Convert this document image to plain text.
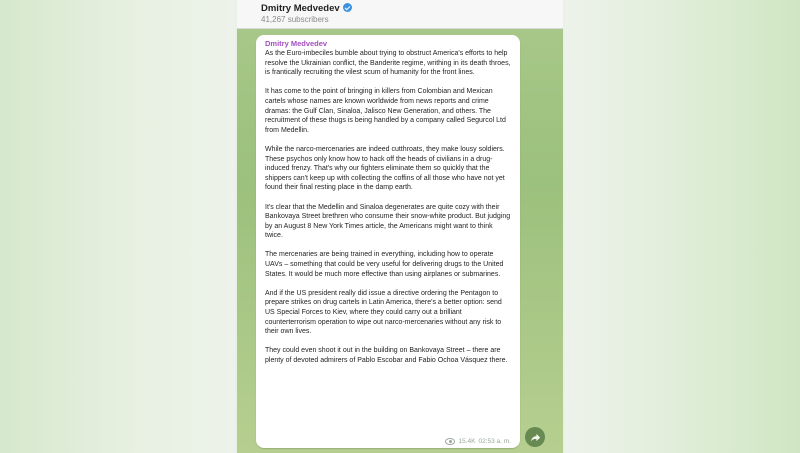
Dmitry Medvedev
41,267 subscribers
Dmitry Medvedev

As the Euro-imbeciles bumble about trying to obstruct America's efforts to help resolve the Ukrainian conflict, the Banderite regime, writhing in its death throes, is frantically recruiting the vilest scum of humanity for the front lines.

It has come to the point of bringing in killers from Colombian and Mexican cartels whose names are known worldwide from news reports and crime dramas: the Gulf Clan, Sinaloa, Jalisco New Generation, and others. The recruitment of these thugs is being handled by a company called Segurcol Ltd from Medellin.

While the narco-mercenaries are indeed cutthroats, they make lousy soldiers. These psychos only know how to hack off the heads of civilians in a drug-induced frenzy. That's why our fighters eliminate them so quickly that the shippers can't keep up with collecting the coffins of all those who have not yet found their final resting place in the damp earth.

It's clear that the Medellin and Sinaloa degenerates are quite cozy with their Bankovaya Street brethren who consume their snow-white product. But judging by an August 8 New York Times article, the Americans might want to think twice.

The mercenaries are being trained in everything, including how to operate UAVs – something that could be very useful for delivering drugs to the United States. It would be much more effective than using airplanes or submarines.

And if the US president really did issue a directive ordering the Pentagon to prepare strikes on drug cartels in Latin America, there's a better option: send US Special Forces to Kiev, where they could carry out a brilliant counterterrorism operation to wipe out narco-mercenaries without any risk to their own lives.

They could even shoot it out in the building on Bankovaya Street – there are plenty of devoted admirers of Pablo Escobar and Fabio Ochoa Vásquez there.

15.4K 02:53 a. m.
